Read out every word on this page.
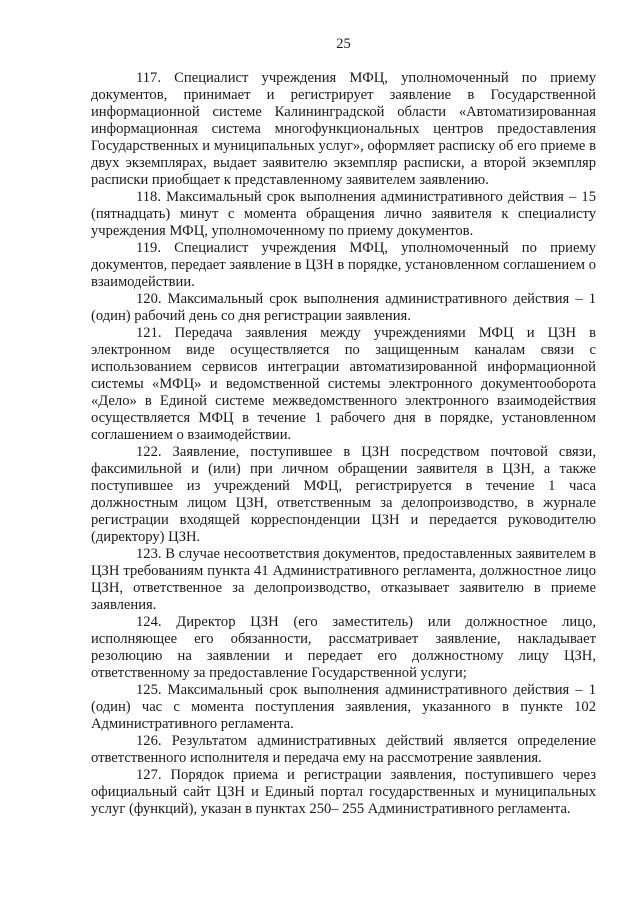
25

117. Специалист учреждения МФЦ, уполномоченный по приему документов, принимает и регистрирует заявление в Государственной информационной системе Калининградской области «Автоматизированная информационная система многофункциональных центров предоставления Государственных и муниципальных услуг», оформляет расписку об его приеме в двух экземплярах, выдает заявителю экземпляр расписки, а второй экземпляр расписки приобщает к представленному заявителем заявлению.

118. Максимальный срок выполнения административного действия – 15 (пятнадцать) минут с момента обращения лично заявителя к специалисту учреждения МФЦ, уполномоченному по приему документов.

119. Специалист учреждения МФЦ, уполномоченный по приему документов, передает заявление в ЦЗН в порядке, установленном соглашением о взаимодействии.

120. Максимальный срок выполнения административного действия – 1 (один) рабочий день со дня регистрации заявления.

121. Передача заявления между учреждениями МФЦ и ЦЗН в электронном виде осуществляется по защищенным каналам связи с использованием сервисов интеграции автоматизированной информационной системы «МФЦ» и ведомственной системы электронного документооборота «Дело» в Единой системе межведомственного электронного взаимодействия осуществляется МФЦ в течение 1 рабочего дня в порядке, установленном соглашением о взаимодействии.

122. Заявление, поступившее в ЦЗН посредством почтовой связи, факсимильной и (или) при личном обращении заявителя в ЦЗН, а также поступившее из учреждений МФЦ, регистрируется в течение 1 часа должностным лицом ЦЗН, ответственным за делопроизводство, в журнале регистрации входящей корреспонденции ЦЗН и передается руководителю (директору) ЦЗН.

123. В случае несоответствия документов, предоставленных заявителем в ЦЗН требованиям пункта 41 Административного регламента, должностное лицо ЦЗН, ответственное за делопроизводство, отказывает заявителю в приеме заявления.

124. Директор ЦЗН (его заместитель) или должностное лицо, исполняющее его обязанности, рассматривает заявление, накладывает резолюцию на заявлении и передает его должностному лицу ЦЗН, ответственному за предоставление Государственной услуги;

125. Максимальный срок выполнения административного действия – 1 (один) час с момента поступления заявления, указанного в пункте 102 Административного регламента.

126. Результатом административных действий является определение ответственного исполнителя и передача ему на рассмотрение заявления.

127. Порядок приема и регистрации заявления, поступившего через официальный сайт ЦЗН и Единый портал государственных и муниципальных услуг (функций), указан в пунктах 250– 255 Административного регламента.
